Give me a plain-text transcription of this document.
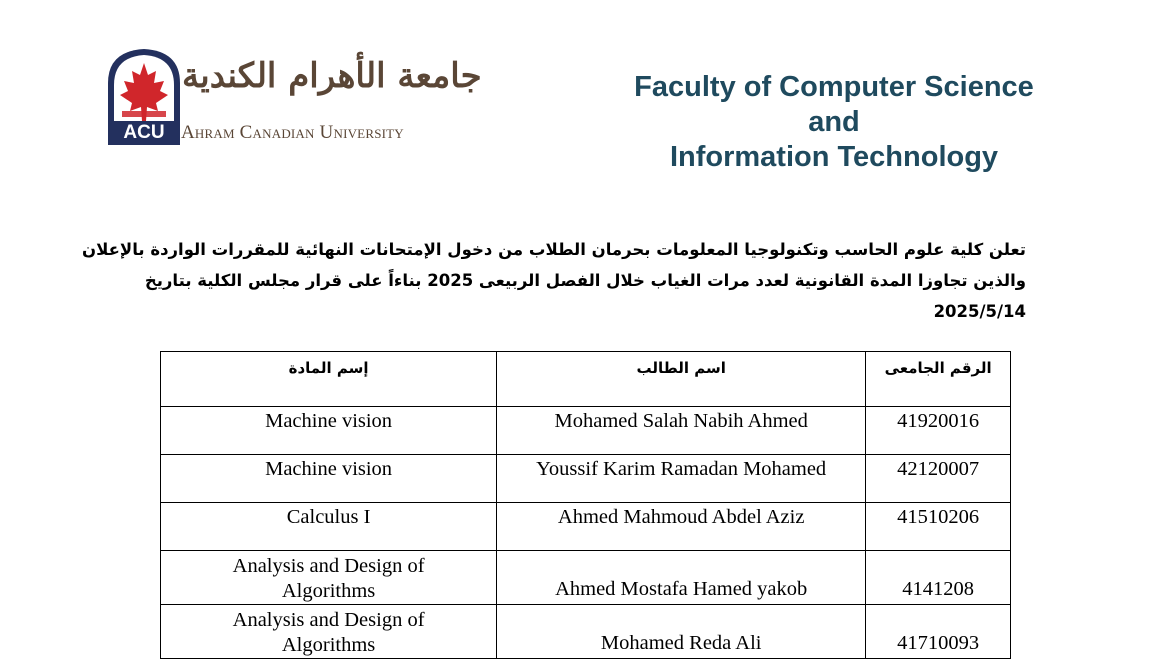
ACU
جامعة الأهرام الكندية
Ahram Canadian University
Faculty of Computer Science
and
Information Technology
تعلن كلية علوم الحاسب وتكنولوجيا المعلومات بحرمان الطلاب من دخول الإمتحانات النهائية للمقررات الواردة بالإعلان
والذين تجاوزا المدة القانونية لعدد مرات الغياب خلال الفصل الربيعى 2025 بناءاً على قرار مجلس الكلية بتاريخ
2025/5/14
إسم المادة	اسم الطالب	الرقم الجامعى
Machine vision	Mohamed Salah Nabih Ahmed	41920016
Machine vision	Youssif Karim Ramadan Mohamed	42120007
Calculus I	Ahmed Mahmoud Abdel Aziz	41510206

Analysis and Design of
Algorithms	Ahmed Mostafa Hamed yakob	4141208

Analysis and Design of
Algorithms	Mohamed Reda Ali	41710093
